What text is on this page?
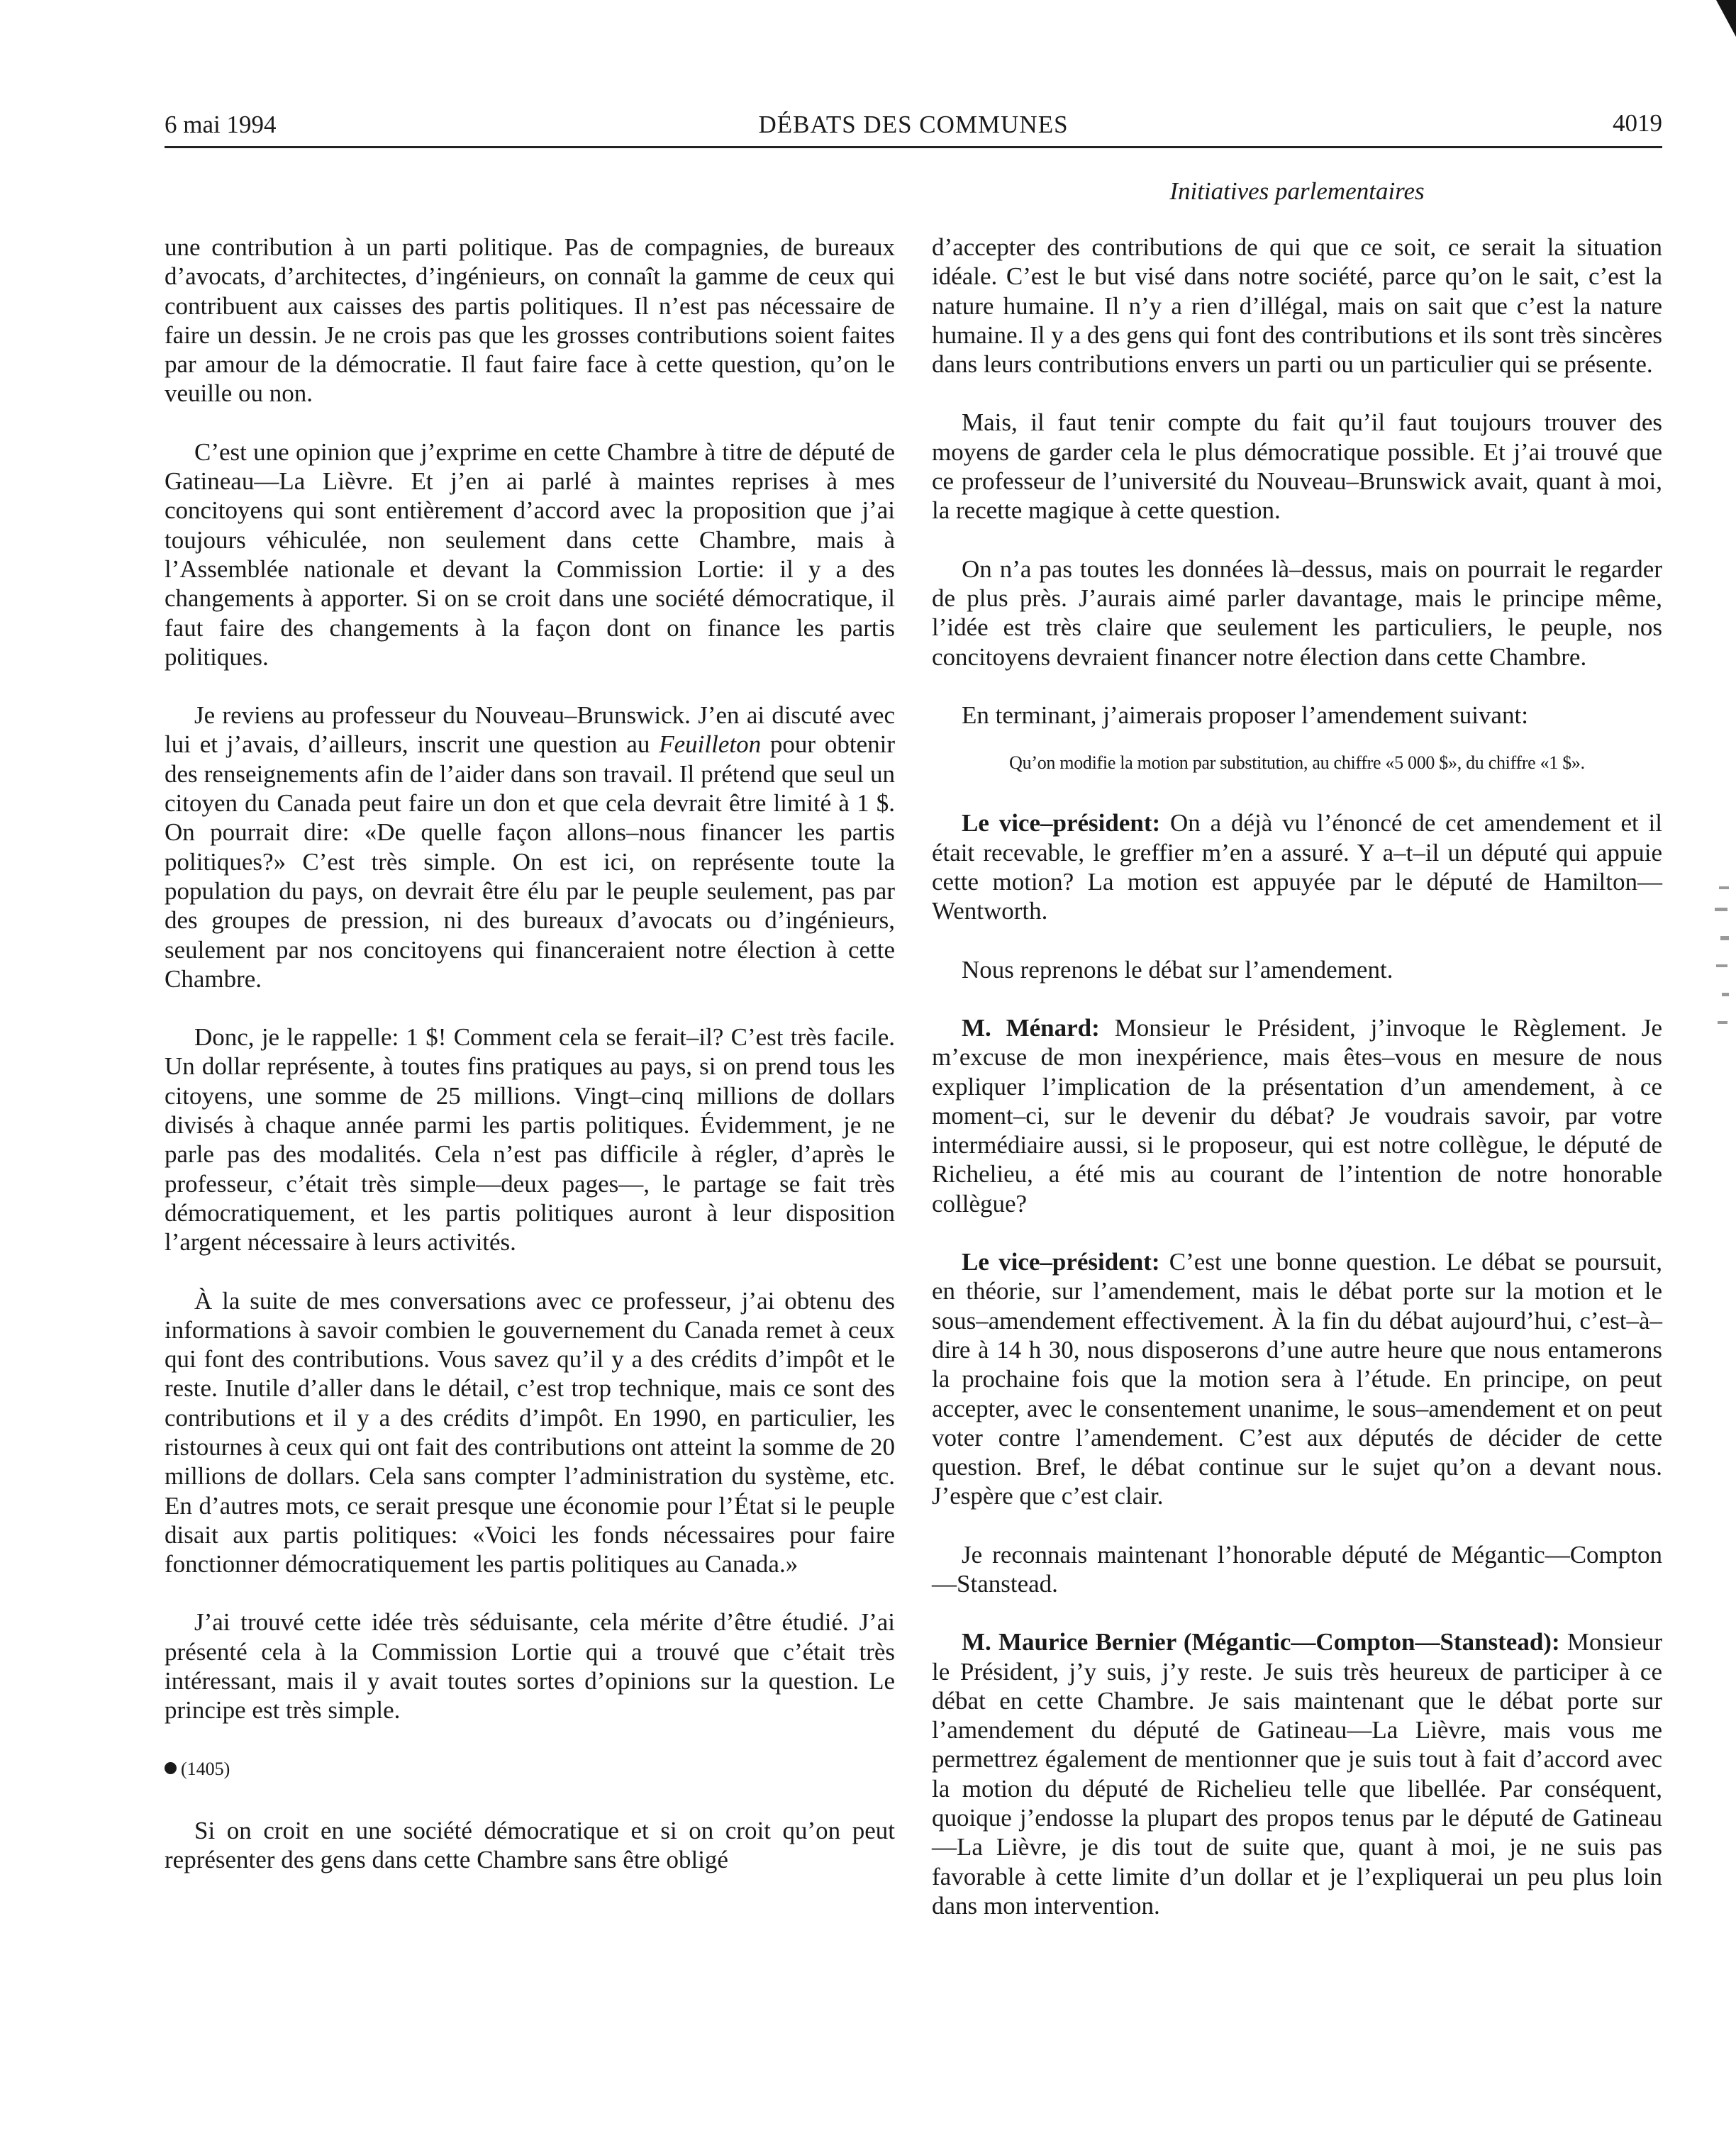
6 mai 1994	DÉBATS DES COMMUNES	4019
Initiatives parlementaires

une contribution à un parti politique. Pas de compagnies, de bureaux d’avocats, d’architectes, d’ingénieurs, on connaît la gamme de ceux qui contribuent aux caisses des partis politiques. Il n’est pas nécessaire de faire un dessin. Je ne crois pas que les grosses contributions soient faites par amour de la démocratie. Il faut faire face à cette question, qu’on le veuille ou non.

C’est une opinion que j’exprime en cette Chambre à titre de député de Gatineau—La Lièvre. Et j’en ai parlé à maintes reprises à mes concitoyens qui sont entièrement d’accord avec la proposition que j’ai toujours véhiculée, non seulement dans cette Chambre, mais à l’Assemblée nationale et devant la Commission Lortie: il y a des changements à apporter. Si on se croit dans une société démocratique, il faut faire des changements à la façon dont on finance les partis politiques.

Je reviens au professeur du Nouveau–Brunswick. J’en ai discuté avec lui et j’avais, d’ailleurs, inscrit une question au Feuilleton pour obtenir des renseignements afin de l’aider dans son travail. Il prétend que seul un citoyen du Canada peut faire un don et que cela devrait être limité à 1 $. On pourrait dire: «De quelle façon allons–nous financer les partis politiques?» C’est très simple. On est ici, on représente toute la population du pays, on devrait être élu par le peuple seulement, pas par des groupes de pression, ni des bureaux d’avocats ou d’ingénieurs, seulement par nos concitoyens qui financeraient notre élection à cette Chambre.

Donc, je le rappelle: 1 $! Comment cela se ferait–il? C’est très facile. Un dollar représente, à toutes fins pratiques au pays, si on prend tous les citoyens, une somme de 25 millions. Vingt–cinq millions de dollars divisés à chaque année parmi les partis politiques. Évidemment, je ne parle pas des modalités. Cela n’est pas difficile à régler, d’après le professeur, c’était très simple—deux pages—, le partage se fait très démocratiquement, et les partis politiques auront à leur disposition l’argent nécessaire à leurs activités.

À la suite de mes conversations avec ce professeur, j’ai obtenu des informations à savoir combien le gouvernement du Canada remet à ceux qui font des contributions. Vous savez qu’il y a des crédits d’impôt et le reste. Inutile d’aller dans le détail, c’est trop technique, mais ce sont des contributions et il y a des crédits d’impôt. En 1990, en particulier, les ristournes à ceux qui ont fait des contributions ont atteint la somme de 20 millions de dollars. Cela sans compter l’administration du système, etc. En d’autres mots, ce serait presque une économie pour l’État si le peuple disait aux partis politiques: «Voici les fonds nécessaires pour faire fonctionner démocratiquement les partis politiques au Canada.»

J’ai trouvé cette idée très séduisante, cela mérite d’être étudié. J’ai présenté cela à la Commission Lortie qui a trouvé que c’était très intéressant, mais il y avait toutes sortes d’opinions sur la question. Le principe est très simple.

(1405)

Si on croit en une société démocratique et si on croit qu’on peut représenter des gens dans cette Chambre sans être obligé

d’accepter des contributions de qui que ce soit, ce serait la situation idéale. C’est le but visé dans notre société, parce qu’on le sait, c’est la nature humaine. Il n’y a rien d’illégal, mais on sait que c’est la nature humaine. Il y a des gens qui font des contributions et ils sont très sincères dans leurs contributions envers un parti ou un particulier qui se présente.

Mais, il faut tenir compte du fait qu’il faut toujours trouver des moyens de garder cela le plus démocratique possible. Et j’ai trouvé que ce professeur de l’université du Nouveau–Brunswick avait, quant à moi, la recette magique à cette question.

On n’a pas toutes les données là–dessus, mais on pourrait le regarder de plus près. J’aurais aimé parler davantage, mais le principe même, l’idée est très claire que seulement les particuliers, le peuple, nos concitoyens devraient financer notre élection dans cette Chambre.

En terminant, j’aimerais proposer l’amendement suivant:

Qu’on modifie la motion par substitution, au chiffre «5 000 $», du chiffre «1 $».

Le vice–président: On a déjà vu l’énoncé de cet amendement et il était recevable, le greffier m’en a assuré. Y a–t–il un député qui appuie cette motion? La motion est appuyée par le député de Hamilton—Wentworth.

Nous reprenons le débat sur l’amendement.

M. Ménard: Monsieur le Président, j’invoque le Règlement. Je m’excuse de mon inexpérience, mais êtes–vous en mesure de nous expliquer l’implication de la présentation d’un amendement, à ce moment–ci, sur le devenir du débat? Je voudrais savoir, par votre intermédiaire aussi, si le proposeur, qui est notre collègue, le député de Richelieu, a été mis au courant de l’intention de notre honorable collègue?

Le vice–président: C’est une bonne question. Le débat se poursuit, en théorie, sur l’amendement, mais le débat porte sur la motion et le sous–amendement effectivement. À la fin du débat aujourd’hui, c’est–à–dire à 14 h 30, nous disposerons d’une autre heure que nous entamerons la prochaine fois que la motion sera à l’étude. En principe, on peut accepter, avec le consentement unanime, le sous–amendement et on peut voter contre l’amendement. C’est aux députés de décider de cette question. Bref, le débat continue sur le sujet qu’on a devant nous. J’espère que c’est clair.

Je reconnais maintenant l’honorable député de Mégantic—Compton—Stanstead.

M. Maurice Bernier (Mégantic—Compton—Stanstead): Monsieur le Président, j’y suis, j’y reste. Je suis très heureux de participer à ce débat en cette Chambre. Je sais maintenant que le débat porte sur l’amendement du député de Gatineau—La Lièvre, mais vous me permettrez également de mentionner que je suis tout à fait d’accord avec la motion du député de Richelieu telle que libellée. Par conséquent, quoique j’endosse la plupart des propos tenus par le député de Gatineau—La Lièvre, je dis tout de suite que, quant à moi, je ne suis pas favorable à cette limite d’un dollar et je l’expliquerai un peu plus loin dans mon intervention.
